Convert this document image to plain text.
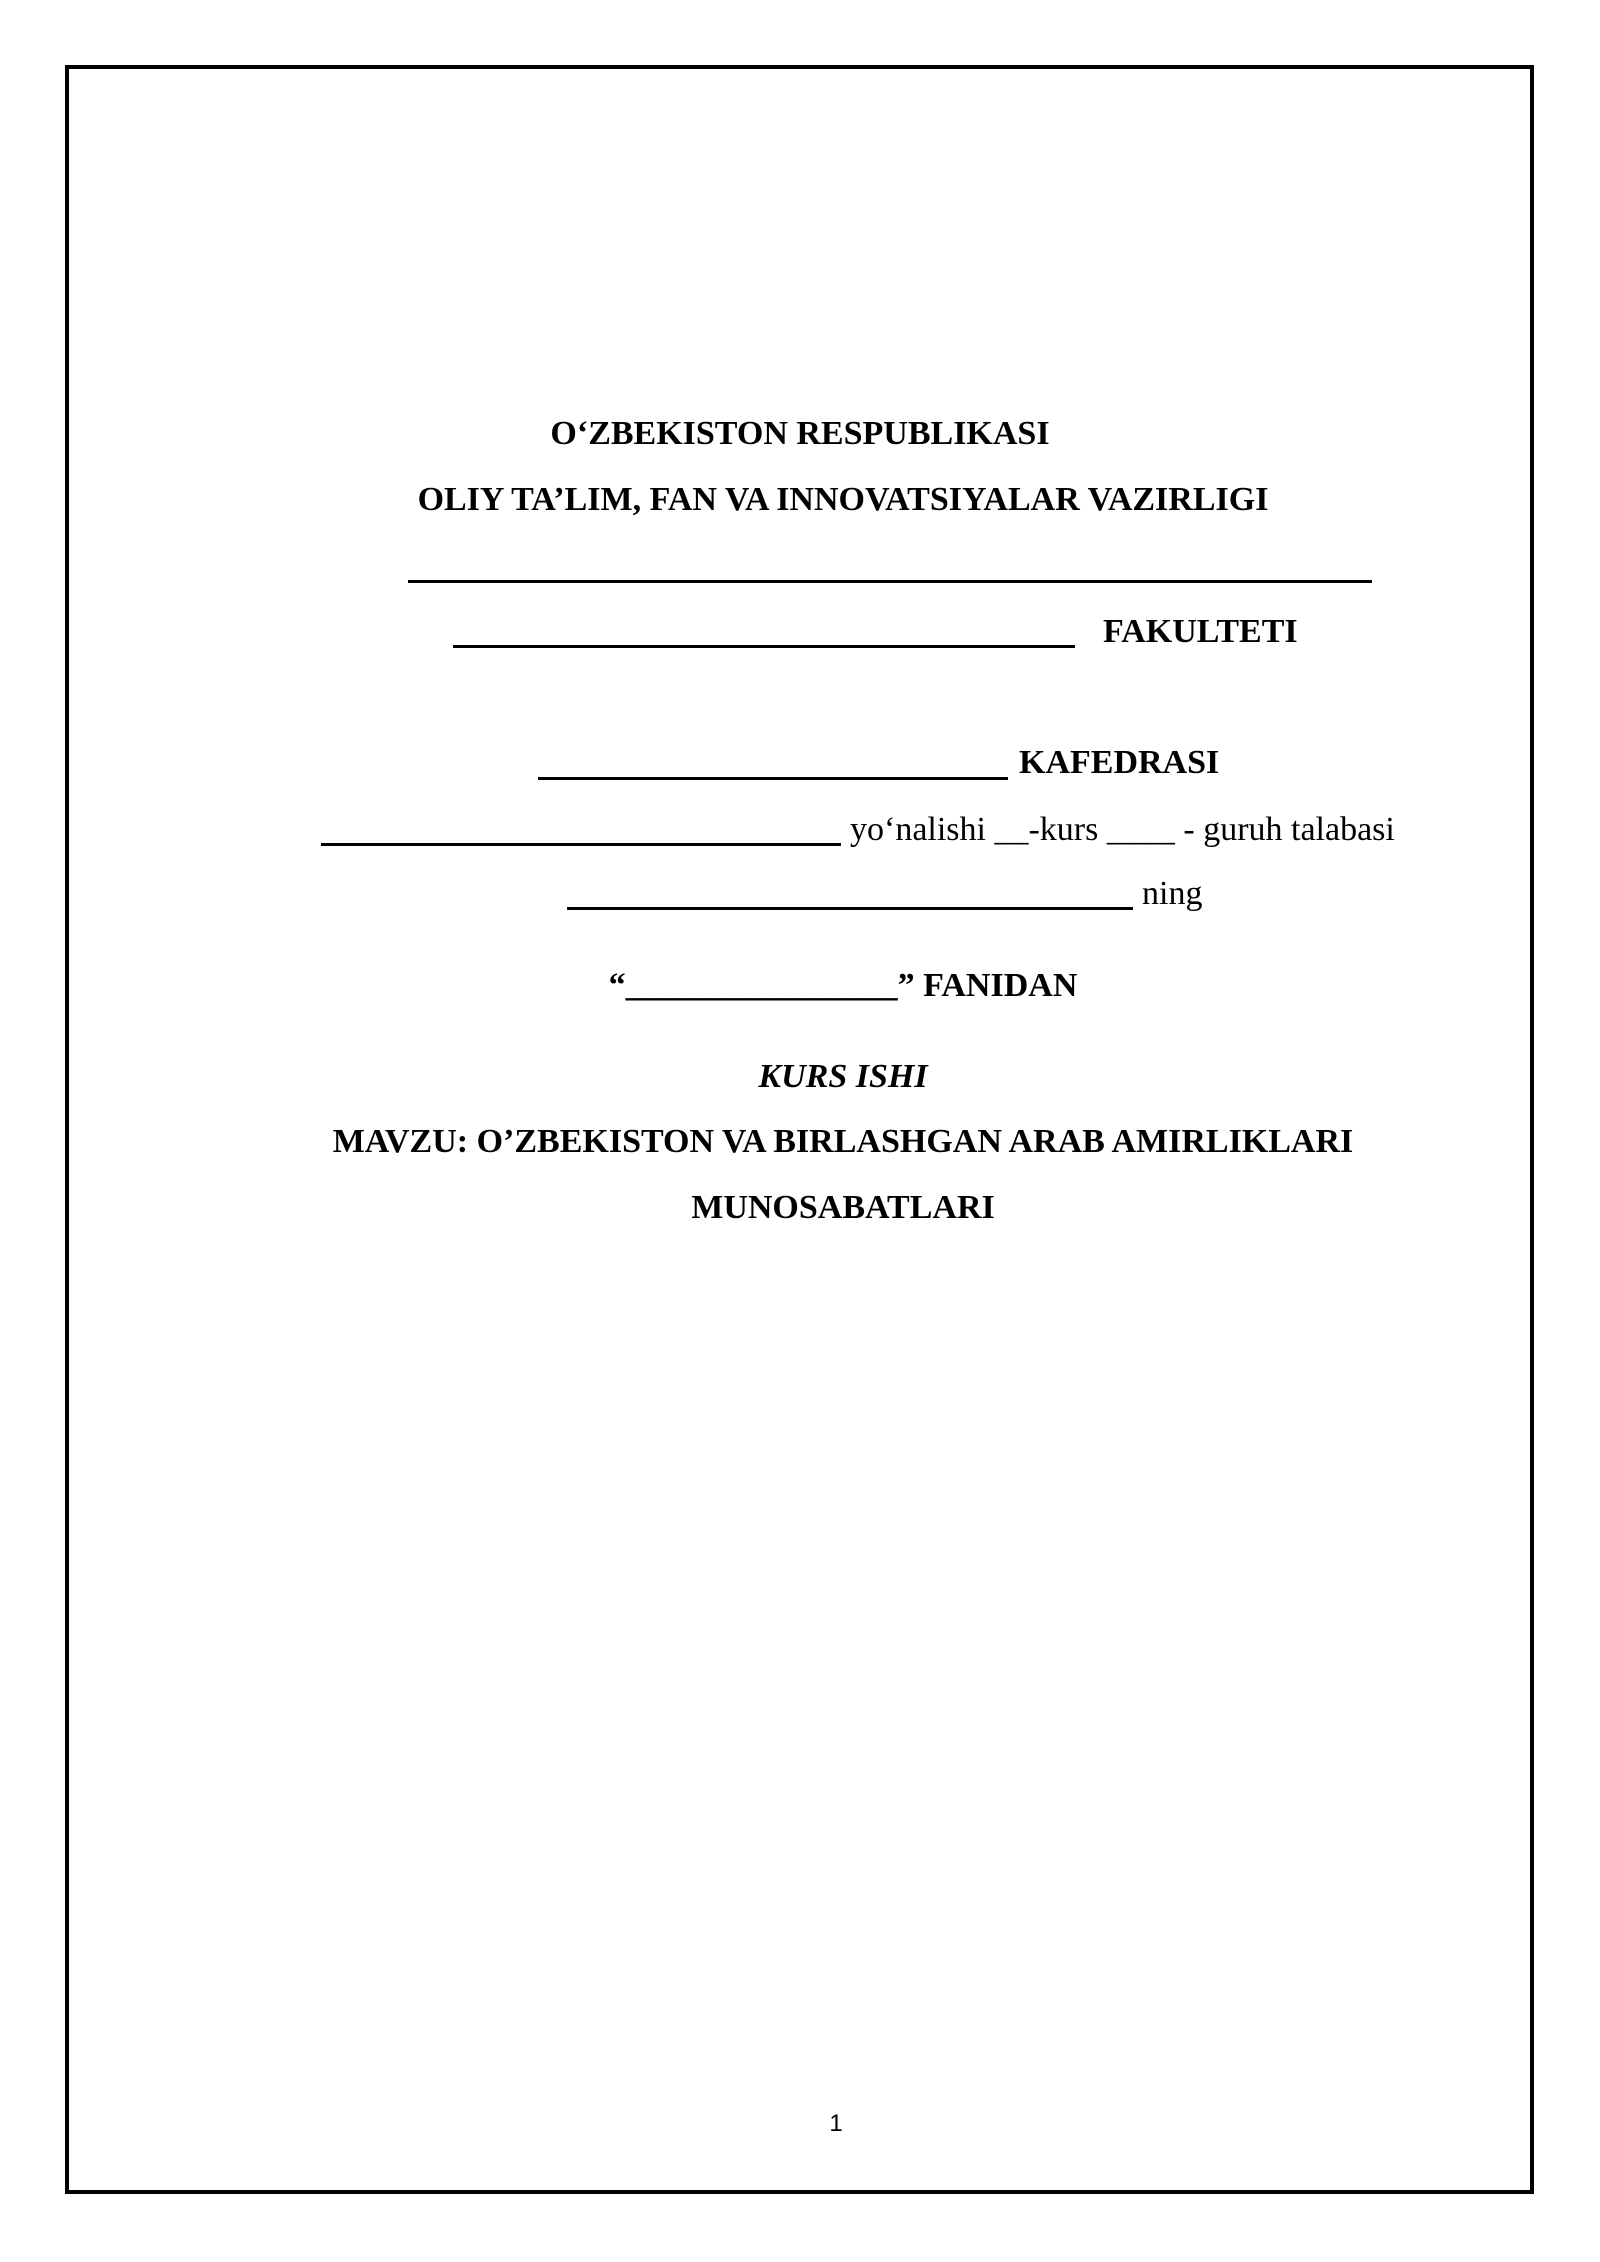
O‘ZBEKISTON RESPUBLIKASI
OLIY TA’LIM, FAN VA INNOVATSIYALAR VAZIRLIGI
FAKULTETI
KAFEDRASI
yo‘nalishi __-kurs ____ - guruh talabasi
ning
“________________” FANIDAN
KURS ISHI
MAVZU: O’ZBEKISTON VA BIRLASHGAN ARAB AMIRLIKLARI
MUNOSABATLARI
1
